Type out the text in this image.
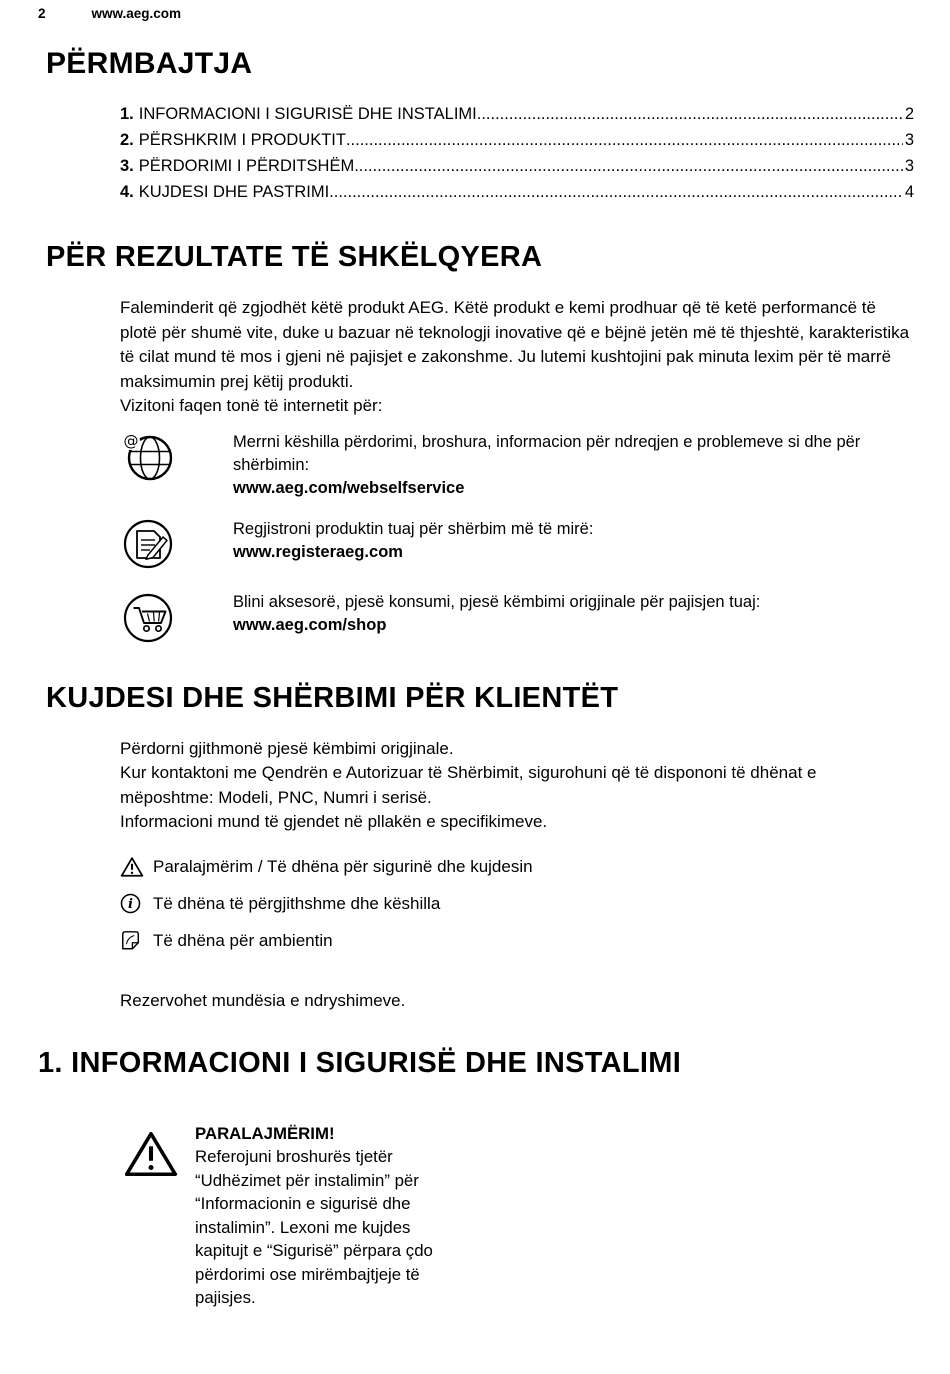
2	www.aeg.com
PËRMBAJTJA
1. INFORMACIONI I SIGURISË DHE INSTALIMI .....	2
2. PËRSHKRIM I PRODUKTIT .....	3
3. PËRDORIMI I PËRDITSHËM .....	3
4. KUJDESI DHE PASTRIMI .....	4
PËR REZULTATE TË SHKËLQYERA

Faleminderit që zgjodhët këtë produkt AEG. Këtë produkt e kemi prodhuar që të ketë performancë të plotë për shumë vite, duke u bazuar në teknologji inovative që e bëjnë jetën më të thjeshtë, karakteristika të cilat mund të mos i gjeni në pajisjet e zakonshme. Ju lutemi kushtojini pak minuta lexim për të marrë maksimumin prej këtij produkti.

Vizitoni faqen tonë të internetit për:

@	Merrni këshilla përdorimi, broshura, informacion për ndreqjen e problemeve si dhe për shërbimin:
www.aeg.com/webselfservice
Regjistroni produktin tuaj për shërbim më të mirë:
www.registeraeg.com
Blini aksesorë, pjesë konsumi, pjesë këmbimi origjinale për pajisjen tuaj:
www.aeg.com/shop
KUJDESI DHE SHËRBIMI PËR KLIENTËT

Përdorni gjithmonë pjesë këmbimi origjinale.

Kur kontaktoni me Qendrën e Autorizuar të Shërbimit, sigurohuni që të dispononi të dhënat e mëposhtme: Modeli, PNC, Numri i serisë.

Informacioni mund të gjendet në pllakën e specifikimeve.

Paralajmërim / Të dhëna për sigurinë dhe kujdesin
i Të dhëna të përgjithshme dhe këshilla
Të dhëna për ambientin

Rezervohet mundësia e ndryshimeve.

1. INFORMACIONI I SIGURISË DHE INSTALIMI
PARALAJMËRIM!
Referojuni broshurës tjetër “Udhëzimet për instalimin” për “Informacionin e sigurisë dhe instalimin”. Lexoni me kujdes kapitujt e “Sigurisë” përpara çdo përdorimi ose mirëmbajtjeje të pajisjes.
